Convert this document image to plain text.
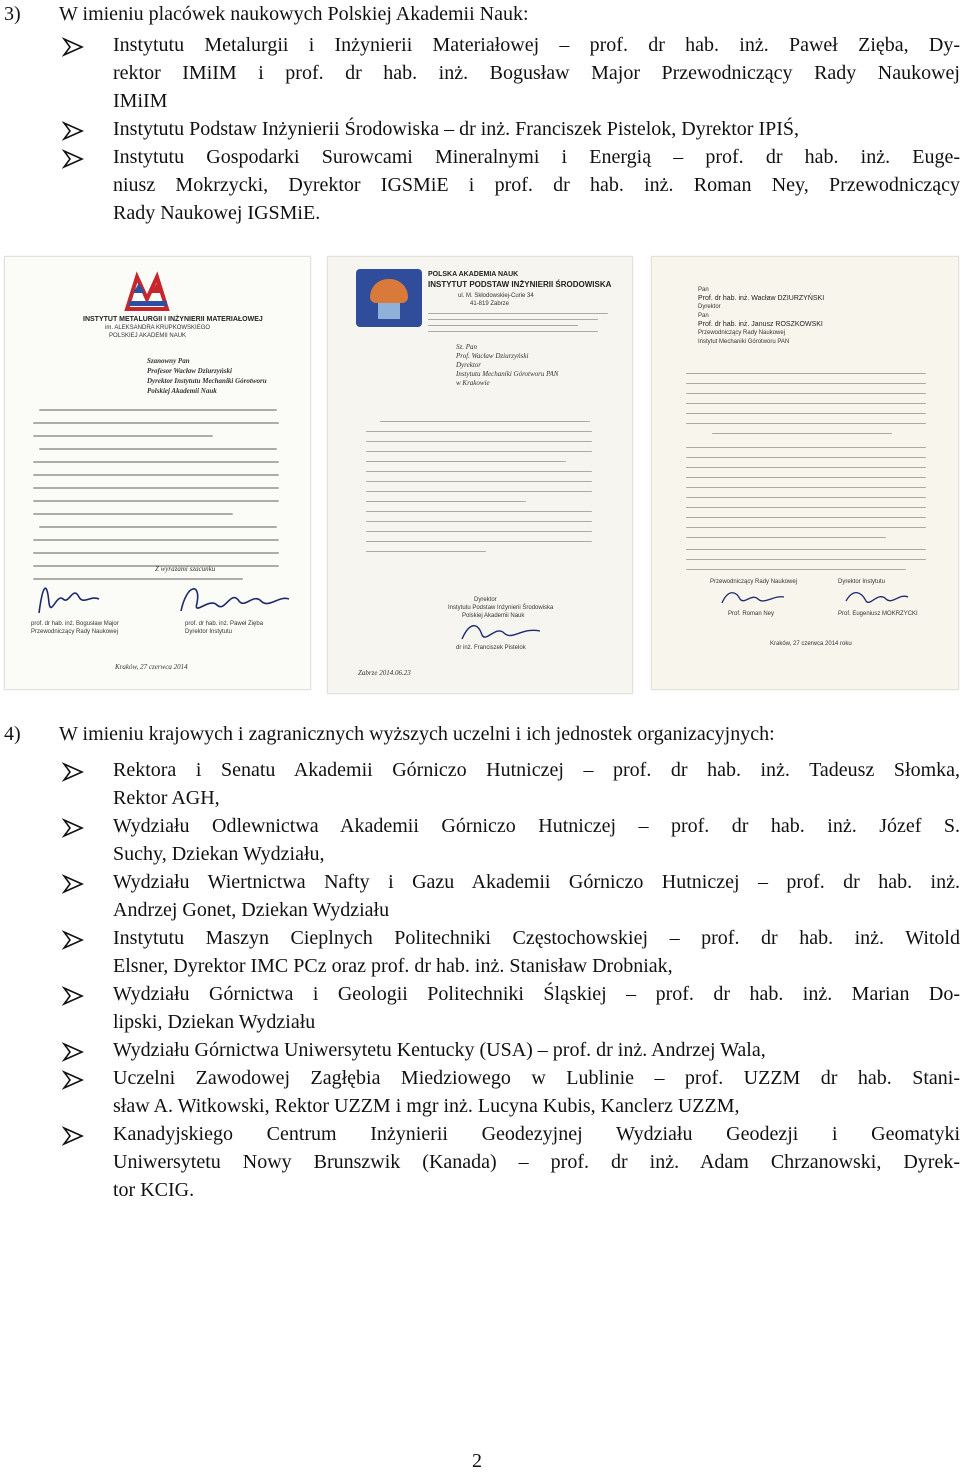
3) W imieniu placówek naukowych Polskiej Akademii Nauk:
Instytutu Metalurgii i Inżynierii Materiałowej – prof. dr hab. inż. Paweł Zięba, Dy-
rektor IMiIM i prof. dr hab. inż. Bogusław Major Przewodniczący Rady Naukowej
IMiIM
Instytutu Podstaw Inżynierii Środowiska – dr inż. Franciszek Pistelok, Dyrektor IPIŚ,
Instytutu Gospodarki Surowcami Mineralnymi i Energią – prof. dr hab. inż. Euge-
niusz Mokrzycki, Dyrektor IGSMiE i prof. dr hab. inż. Roman Ney, Przewodniczący
Rady Naukowej IGSMiE.
INSTYTUT METALURGII I INŻYNIERII MATERIAŁOWEJ
im. ALEKSANDRA KRUPKOWSKIEGO
POLSKIEJ AKADEMII NAUK
Szanowny Pan
Profesor Wacław Dziurzyński
Dyrektor Instytutu Mechaniki Górotworu
Polskiej Akademii Nauk
Z wyrazami szacunku
prof. dr hab. inż. Bogusław Major
Przewodniczący Rady Naukowej
prof. dr hab. inż. Paweł Zięba
Dyrektor Instytutu
Kraków, 27 czerwca 2014
POLSKA AKADEMIA NAUK
INSTYTUT PODSTAW INŻYNIERII ŚRODOWISKA
ul. M. Skłodowskiej-Curie 34
41-819 Zabrze
Sz. Pan
Prof. Wacław Dziurzyński
Dyrektor
Instytutu Mechaniki Górotworu PAN
w Krakowie
Dyrektor
Instytutu Podstaw Inżynierii Środowiska
Polskiej Akademii Nauk
dr inż. Franciszek Pistelok
Zabrze 2014.06.23
Pan
Prof. dr hab. inż. Wacław DZIURZYŃSKI
Dyrektor
Pan
Prof. dr hab. inż. Janusz ROSZKOWSKI
Przewodniczący Rady Naukowej
Instytut Mechaniki Górotworu PAN
Przewodniczący Rady Naukowej	Dyrektor Instytutu
Prof. Roman Ney	Prof. Eugeniusz MOKRZYCKI
Kraków, 27 czerwca 2014 roku
4) W imieniu krajowych i zagranicznych wyższych uczelni i ich jednostek organizacyjnych:
Rektora i Senatu Akademii Górniczo Hutniczej – prof. dr hab. inż. Tadeusz Słomka,
Rektor AGH,
Wydziału Odlewnictwa Akademii Górniczo Hutniczej – prof. dr hab. inż. Józef S.
Suchy, Dziekan Wydziału,
Wydziału Wiertnictwa Nafty i Gazu Akademii Górniczo Hutniczej – prof. dr hab. inż.
Andrzej Gonet, Dziekan Wydziału
Instytutu Maszyn Cieplnych Politechniki Częstochowskiej – prof. dr hab. inż. Witold
Elsner, Dyrektor IMC PCz oraz prof. dr hab. inż. Stanisław Drobniak,
Wydziału Górnictwa i Geologii Politechniki Śląskiej – prof. dr hab. inż. Marian Do-
lipski, Dziekan Wydziału
Wydziału Górnictwa Uniwersytetu Kentucky (USA) – prof. dr inż. Andrzej Wala,
Uczelni Zawodowej Zagłębia Miedziowego w Lublinie – prof. UZZM dr hab. Stani-
sław A. Witkowski, Rektor UZZM i mgr inż. Lucyna Kubis, Kanclerz UZZM,
Kanadyjskiego Centrum Inżynierii Geodezyjnej Wydziału Geodezji i Geomatyki
Uniwersytetu Nowy Brunszwik (Kanada) – prof. dr inż. Adam Chrzanowski, Dyrek-
tor KCIG.
2
